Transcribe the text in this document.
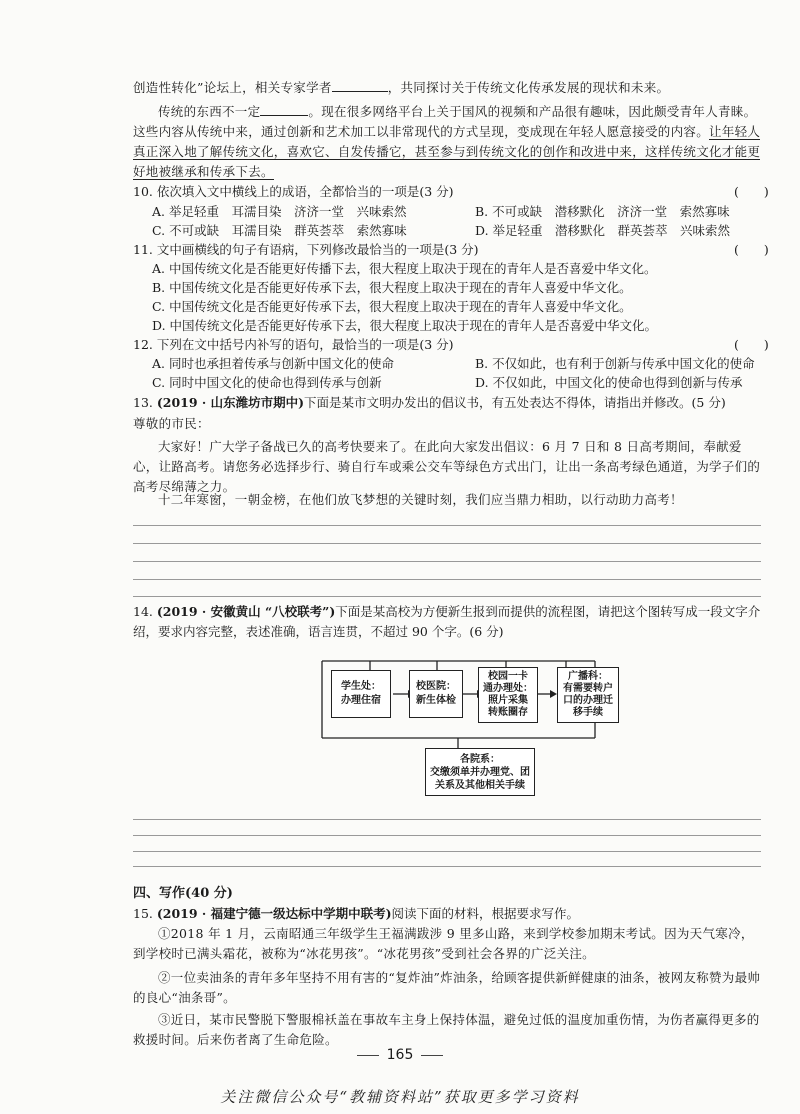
创造性转化”论坛上，相关专家学者	，共同探讨关于传统文化传承发展的现状和未来。
传统的东西不一定	。现在很多网络平台上关于国风的视频和产品很有趣味，因此颇受青年人青睐。这些内容从传统中来，通过创新和艺术加工以非常现代的方式呈现，变成现在年轻人愿意接受的内容。让年轻人真正深入地了解传统文化，喜欢它、自发传播它，甚至参与到传统文化的创作和改进中来，这样传统文化才能更好地被继承和传承下去。
10. 依次填入文中横线上的成语，全都恰当的一项是(3 分)	(　　)
A. 举足轻重　耳濡目染　济济一堂　兴味索然	B. 不可或缺　潜移默化　济济一堂　索然寡味
C. 不可或缺　耳濡目染　群英荟萃　索然寡味	D. 举足轻重　潜移默化　群英荟萃　兴味索然
11. 文中画横线的句子有语病，下列修改最恰当的一项是(3 分)	(　　)
A. 中国传统文化是否能更好传播下去，很大程度上取决于现在的青年人是否喜爱中华文化。
B. 中国传统文化是否能更好传承下去，很大程度上取决于现在的青年人喜爱中华文化。
C. 中国传统文化是否能更好传承下去，很大程度上取决于现在的青年人喜爱中华文化。
D. 中国传统文化是否能更好传承下去，很大程度上取决于现在的青年人是否喜爱中华文化。
12. 下列在文中括号内补写的语句，最恰当的一项是(3 分)	(　　)
A. 同时也承担着传承与创新中国文化的使命	B. 不仅如此，也有利于创新与传承中国文化的使命
C. 同时中国文化的使命也得到传承与创新	D. 不仅如此，中国文化的使命也得到创新与传承
13. (2019 · 山东潍坊市期中)下面是某市文明办发出的倡议书，有五处表达不得体，请指出并修改。(5 分)
尊敬的市民：
大家好！广大学子备战已久的高考快要来了。在此向大家发出倡议：6 月 7 日和 8 日高考期间，奉献爱心，让路高考。请您务必选择步行、骑自行车或乘公交车等绿色方式出门，让出一条高考绿色通道，为学子们的高考尽绵薄之力。
十二年寒窗，一朝金榜，在他们放飞梦想的关键时刻，我们应当鼎力相助，以行动助力高考！
14. (2019 · 安徽黄山 “八校联考”)下面是某高校为方便新生报到而提供的流程图，请把这个图转写成一段文字介绍，要求内容完整，表述准确，语言连贯，不超过 90 个字。(6 分)
学生处：
办理住宿
校医院：
新生体检
校园一卡
通办理处：
照片采集
转账圈存
广播科：
有需要转户
口的办理迁
移手续
各院系：
交缴须单并办理党、团
关系及其他相关手续
四、写作(40 分)
15. (2019 · 福建宁德一级达标中学期中联考)阅读下面的材料，根据要求写作。
①2018 年 1 月，云南昭通三年级学生王福满跋涉 9 里多山路，来到学校参加期末考试。因为天气寒冷，到学校时已满头霜花，被称为“冰花男孩”。“冰花男孩”受到社会各界的广泛关注。
②一位卖油条的青年多年坚持不用有害的“复炸油”炸油条，给顾客提供新鲜健康的油条，被网友称赞为最帅的良心“油条哥”。
③近日，某市民警脱下警服棉袄盖在事故车主身上保持体温，避免过低的温度加重伤情，为伤者赢得更多的救援时间。后来伤者离了生命危险。
165
关注微信公众号“教辅资料站”获取更多学习资料
